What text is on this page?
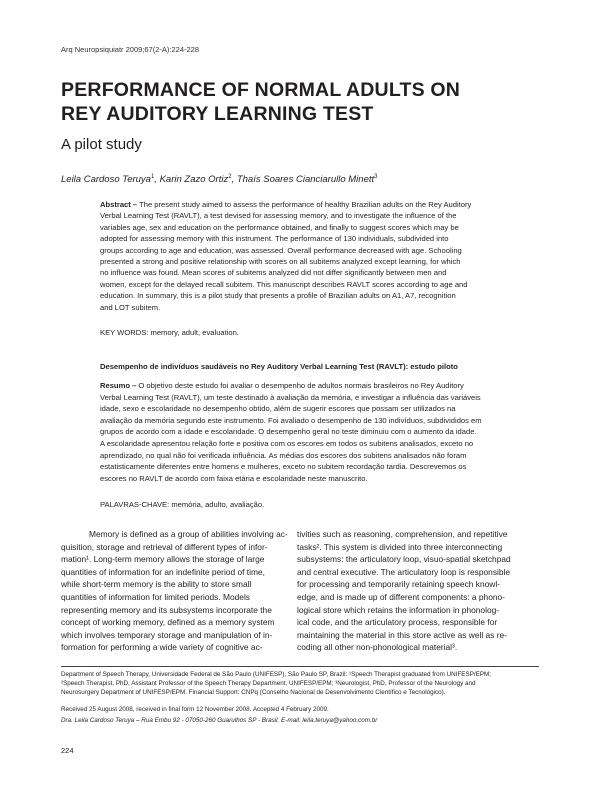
Arq Neuropsiquiatr 2009;67(2-A):224-228
PERFORMANCE OF NORMAL ADULTS ON
REY AUDITORY LEARNING TEST
A pilot study
Leila Cardoso Teruya$^1$, Karin Zazo Ortiz$^2$, Thaís Soares Cianciarullo Minett$^3$
Abstract – The present study aimed to assess the performance of healthy Brazilian adults on the Rey Auditory
Verbal Learning Test (RAVLT), a test devised for assessing memory, and to investigate the influence of the
variables age, sex and education on the performance obtained, and finally to suggest scores which may be
adopted for assessing memory with this instrument. The performance of 130 individuals, subdivided into
groups according to age and education, was assessed. Overall performance decreased with age. Schooling
presented a strong and positive relationship with scores on all subitems analyzed except learning, for which
no influence was found. Mean scores of subitems analyzed did not differ significantly between men and
women, except for the delayed recall subitem. This manuscript describes RAVLT scores according to age and
education. In summary, this is a pilot study that presents a profile of Brazilian adults on A1, A7, recognition
and LOT subitem.
KEY WORDS: memory, adult, evaluation.
Desempenho de indivíduos saudáveis no Rey Auditory Verbal Learning Test (RAVLT): estudo piloto
Resumo – O objetivo deste estudo foi avaliar o desempenho de adultos normais brasileiros no Rey Auditory
Verbal Learning Test (RAVLT), um teste destinado à avaliação da memória, e investigar a influência das variáveis
idade, sexo e escolaridade no desempenho obtido, além de sugerir escores que possam ser utilizados na
avaliação da memória segundo este instrumento. Foi avaliado o desempenho de 130 indivíduos, subdivididos em
grupos de acordo com a idade e escolaridade. O desempenho geral no teste diminuiu com o aumento da idade.
A escolaridade apresentou relação forte e positiva com os escores em todos os subitens analisados, exceto no
aprendizado, no qual não foi verificada influência. As médias dos escores dos subitens analisados não foram
estatisticamente diferentes entre homens e mulheres, exceto no subitem recordação tardia. Descrevemos os
escores no RAVLT de acordo com faixa etária e escolaridade neste manuscrito.
PALAVRAS-CHAVE: memória, adulto, avaliação.
Memory is defined as a group of abilities involving ac-
quisition, storage and retrieval of different types of infor-
mation¹. Long-term memory allows the storage of large
quantities of information for an indefinite period of time,
while short-term memory is the ability to store small
quantities of information for limited periods. Models
representing memory and its subsystems incorporate the
concept of working memory, defined as a memory system
which involves temporary storage and manipulation of in-
formation for performing a wide variety of cognitive ac-
tivities such as reasoning, comprehension, and repetitive
tasks². This system is divided into three interconnecting
subsystems: the articulatory loop, visuo-spatial sketchpad
and central executive. The articulatory loop is responsible
for processing and temporarily retaining speech knowl-
edge, and is made up of different components: a phono-
logical store which retains the information in phonolog-
ical code, and the articulatory process, responsible for
maintaining the material in this store active as well as re-
coding all other non-phonological material³.
Department of Speech Therapy, Universidade Federal de São Paulo (UNIFESP), São Paulo SP, Brazil: ¹Speech Therapist graduated from UNIFESP/EPM;
²Speech Therapist, PhD, Assistant Professor of the Speech Therapy Department, UNIFESP/EPM; ³Neurologist, PhD, Professor of the Neurology and
Neurosurgery Department of UNIFESP/EPM. Financial Support: CNPq (Conselho Nacional de Desenvolvimento Científico e Tecnológico).
Received 25 August 2008, received in final form 12 November 2008. Accepted 4 February 2009.
Dra. Leila Cardoso Teruya – Rua Embu 92 - 07050-260 Guarulhos SP - Brasil. E-mail: leila.teruya@yahoo.com.br
224
